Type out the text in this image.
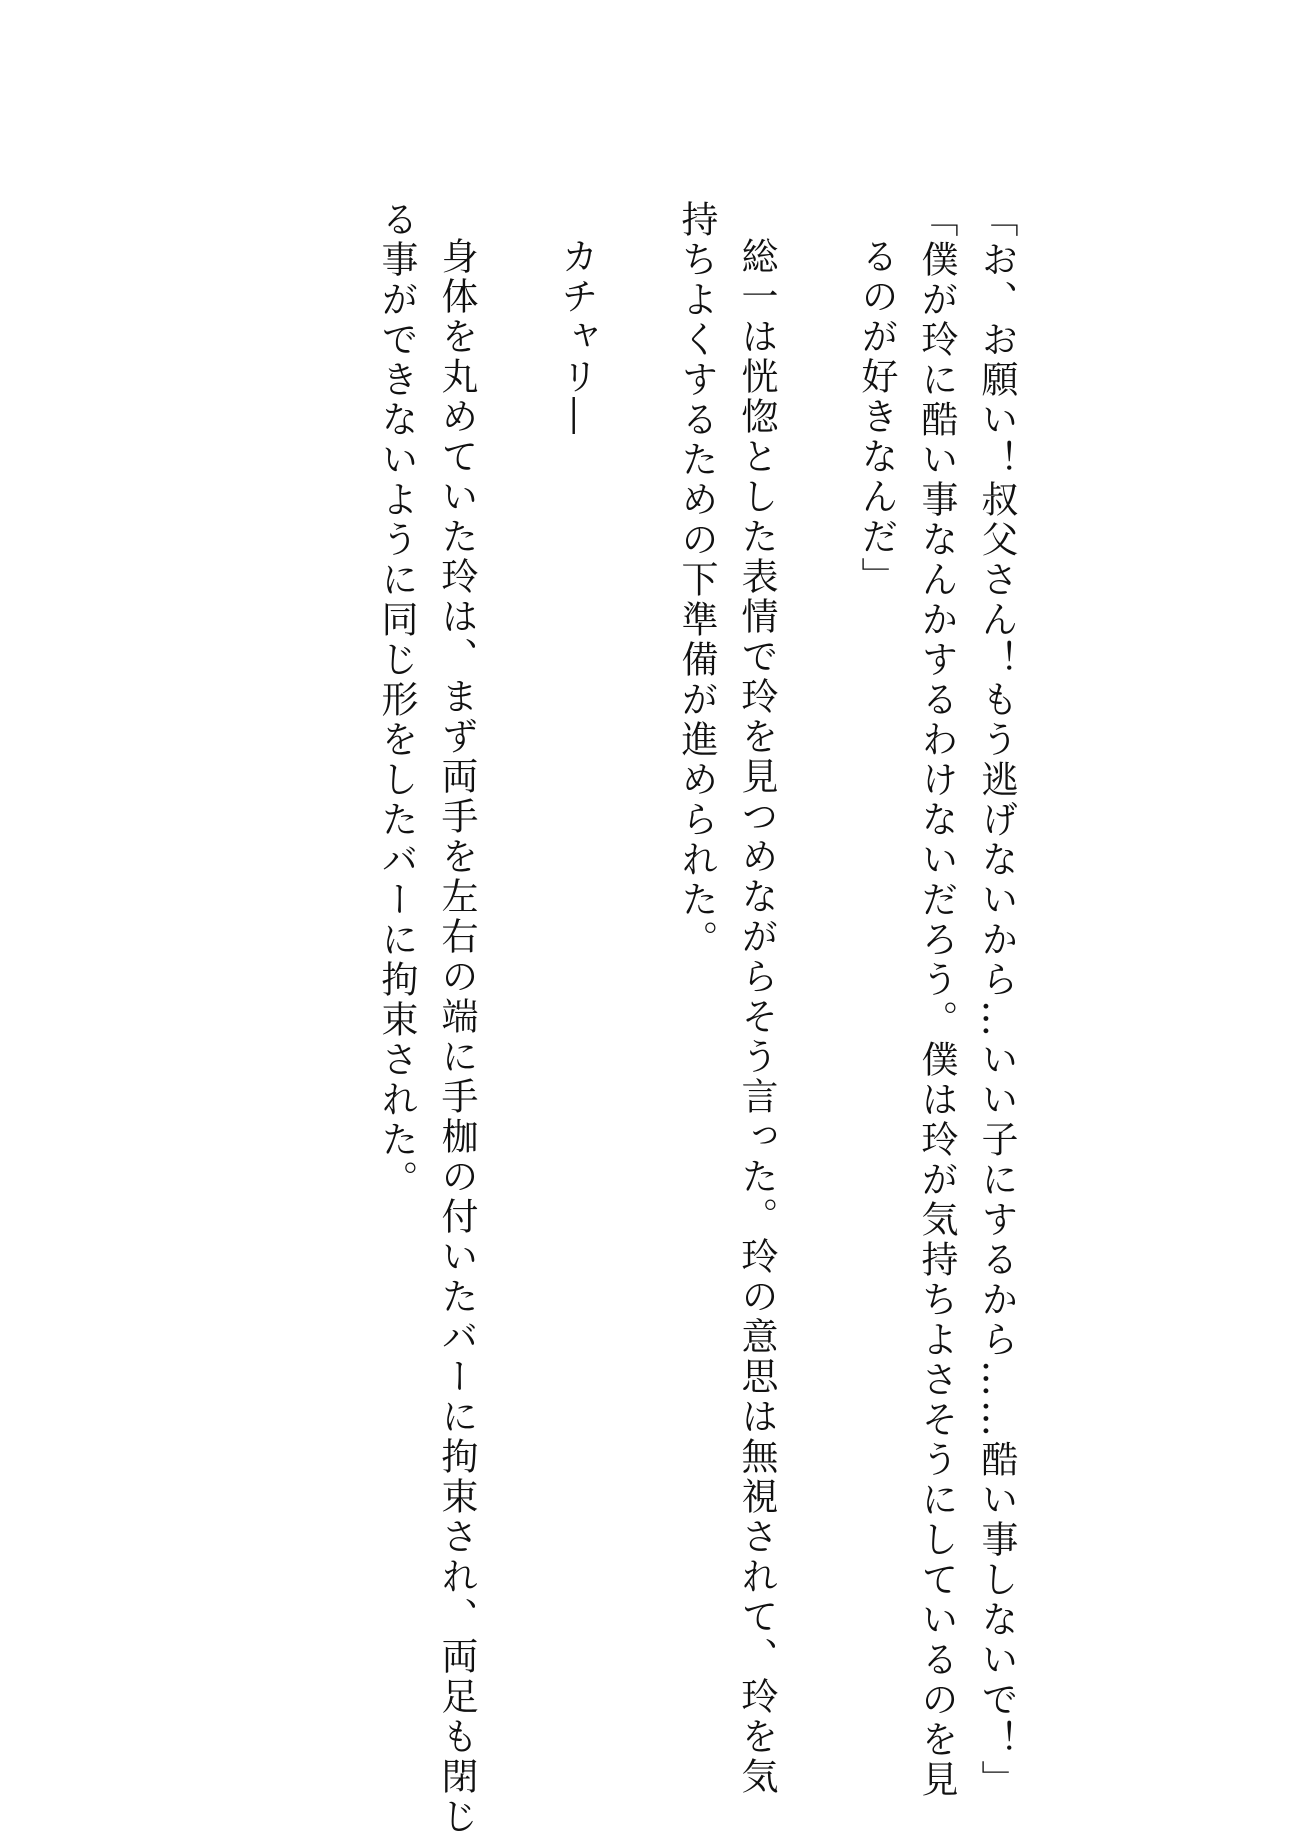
「お、お願い！叔父さん！もう逃げないから…いい子にするから……酷い事しないで！」
「僕が玲に酷い事なんかするわけないだろう。僕は玲が気持ちよさそうにしているのを見
るのが好きなんだ」
総一は恍惚とした表情で玲を見つめながらそう言った。玲の意思は無視されて、玲を気
持ちよくするための下準備が進められた。
カチャリ―
身体を丸めていた玲は、まず両手を左右の端に手枷の付いたバーに拘束され、両足も閉じ
る事ができないように同じ形をしたバーに拘束された。
